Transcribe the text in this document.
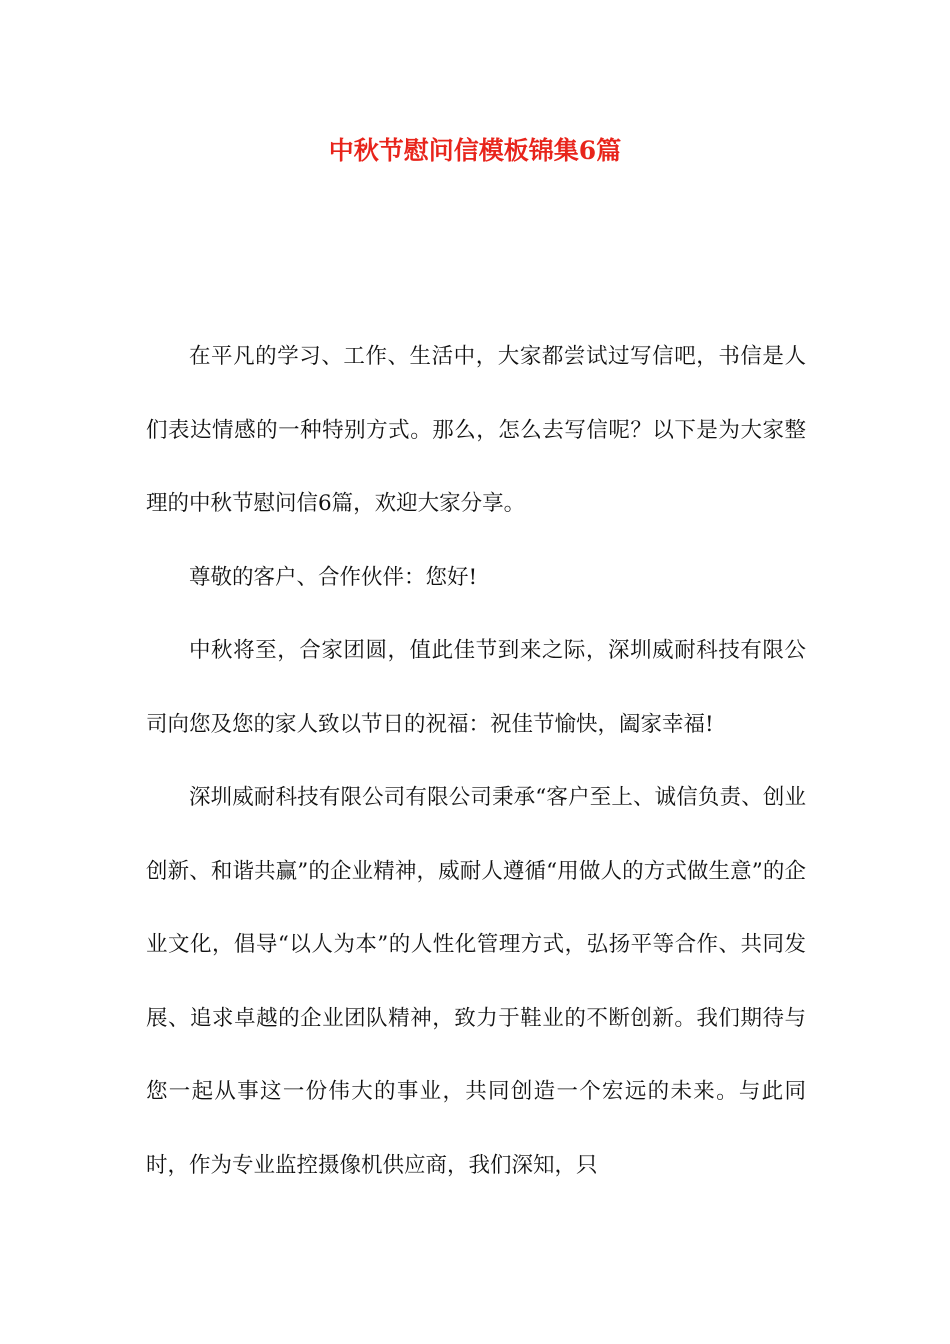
中秋节慰问信模板锦集6篇

在平凡的学习、工作、生活中，大家都尝试过写信吧，书信是人们表达情感的一种特别方式。那么，怎么去写信呢？以下是为大家整理的中秋节慰问信6篇，欢迎大家分享。

尊敬的客户、合作伙伴：您好!

中秋将至，合家团圆，值此佳节到来之际，深圳威耐科技有限公司向您及您的家人致以节日的祝福：祝佳节愉快，阖家幸福!

深圳威耐科技有限公司有限公司秉承“客户至上、诚信负责、创业创新、和谐共赢”的企业精神，威耐人遵循“用做人的方式做生意”的企业文化，倡导“以人为本”的人性化管理方式，弘扬平等合作、共同发展、追求卓越的企业团队精神，致力于鞋业的不断创新。我们期待与您一起从事这一份伟大的事业，共同创造一个宏远的未来。与此同时，作为专业监控摄像机供应商，我们深知，只
